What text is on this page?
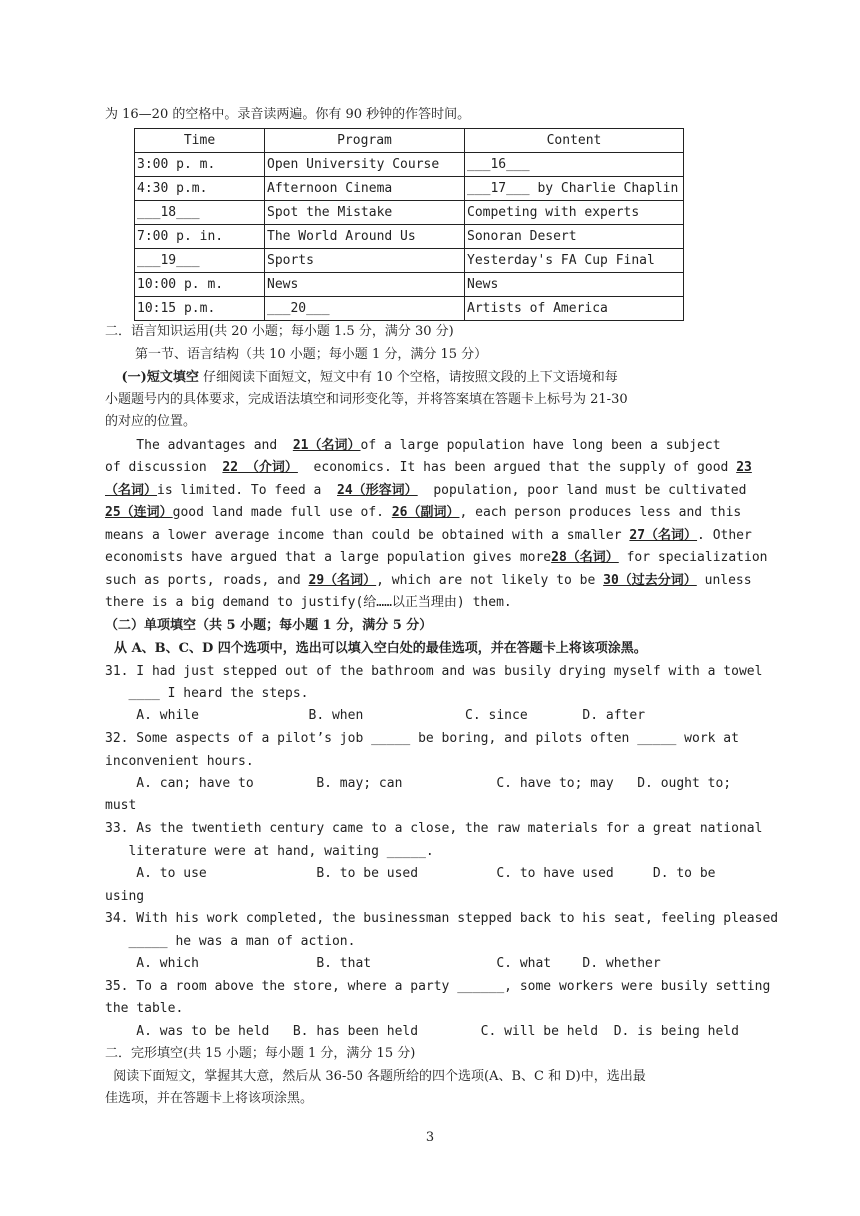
为 16—20 的空格中。录音读两遍。你有 90 秒钟的作答时间。
Time	Program	Content
3:00 p. m.	Open University Course	___16___
4:30 p.m.	Afternoon Cinema	___17___ by Charlie Chaplin
___18___	Spot the Mistake	Competing with experts
7:00 p. in.	The World Around Us	Sonoran Desert
___19___	Sports	Yesterday's FA Cup Final
10:00 p. m.	News	News
10:15 p.m.	___20___	Artists of America
二．语言知识运用(共 20 小题；每小题 1.5 分，满分 30 分)
第一节、语言结构（共 10 小题；每小题 1 分，满分 15 分）
(一)短文填空 仔细阅读下面短文，短文中有 10 个空格，请按照文段的上下文语境和每
小题题号内的具体要求，完成语法填空和词形变化等，并将答案填在答题卡上标号为 21-30
的对应的位置。
The advantages and  21（名词）of a large population have long been a subject
of discussion  22 （介词）  economics. It has been argued that the supply of good 23
（名词）is limited. To feed a  24（形容词）  population, poor land must be cultivated
25（连词）good land made full use of. 26（副词）, each person produces less and this
means a lower average income than could be obtained with a smaller 27（名词）. Other
economists have argued that a large population gives more28（名词） for specialization
such as ports, roads, and 29（名词）, which are not likely to be 30（过去分词） unless
there is a big demand to justify(给……以正当理由) them.
（二）单项填空（共 5 小题；每小题 1 分，满分 5 分）
从 A、B、C、D 四个选项中，选出可以填入空白处的最佳选项，并在答题卡上将该项涂黑。
31. I had just stepped out of the bathroom and was busily drying myself with a towel
____ I heard the steps.
A. while              B. when             C. since       D. after
32. Some aspects of a pilot’s job _____ be boring, and pilots often _____ work at
inconvenient hours.
A. can; have to        B. may; can            C. have to; may   D. ought to;
must
33. As the twentieth century came to a close, the raw materials for a great national
literature were at hand, waiting _____.
A. to use              B. to be used          C. to have used     D. to be
using
34. With his work completed, the businessman stepped back to his seat, feeling pleased
_____ he was a man of action.
A. which               B. that                C. what    D. whether
35. To a room above the store, where a party ______, some workers were busily setting
the table.
A. was to be held   B. has been held        C. will be held  D. is being held
二．完形填空(共 15 小题；每小题 1 分，满分 15 分)
阅读下面短文，掌握其大意，然后从 36-50 各题所给的四个选项(A、B、C 和 D)中，选出最
佳选项，并在答题卡上将该项涂黑。
3
